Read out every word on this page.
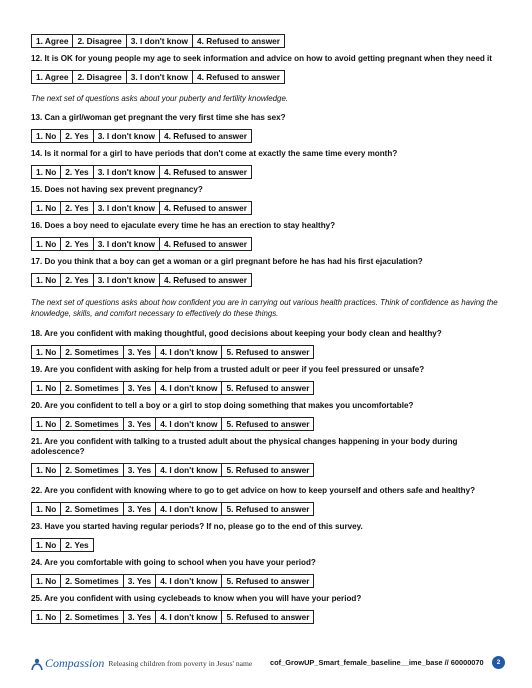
1. Agree	2. Disagree	3. I don't know	4. Refused to answer

12. It is OK for young people my age to seek information and advice on how to avoid getting pregnant when they need it

1. Agree	2. Disagree	3. I don't know	4. Refused to answer

The next set of questions asks about your puberty and fertility knowledge.

13. Can a girl/woman get pregnant the very first time she has sex?

1. No	2. Yes	3. I don't know	4. Refused to answer

14. Is it normal for a girl to have periods that don't come at exactly the same time every month?

1. No	2. Yes	3. I don't know	4. Refused to answer

15. Does not having sex prevent pregnancy?

1. No	2. Yes	3. I don't know	4. Refused to answer

16. Does a boy need to ejaculate every time he has an erection to stay healthy?

1. No	2. Yes	3. I don't know	4. Refused to answer

17. Do you think that a boy can get a woman or a girl pregnant before he has had his first ejaculation?

1. No	2. Yes	3. I don't know	4. Refused to answer

The next set of questions asks about how confident you are in carrying out various health practices. Think of confidence as having the knowledge, skills, and comfort necessary to effectively do these things.

18. Are you confident with making thoughtful, good decisions about keeping your body clean and healthy?

1. No	2. Sometimes	3. Yes	4. I don't know	5. Refused to answer

19. Are you confident with asking for help from a trusted adult or peer if you feel pressured or unsafe?

1. No	2. Sometimes	3. Yes	4. I don't know	5. Refused to answer

20. Are you confident to tell a boy or a girl to stop doing something that makes you uncomfortable?

1. No	2. Sometimes	3. Yes	4. I don't know	5. Refused to answer

21. Are you confident with talking to a trusted adult about the physical changes happening in your body during adolescence?

1. No	2. Sometimes	3. Yes	4. I don't know	5. Refused to answer

22. Are you confident with knowing where to go to get advice on how to keep yourself and others safe and healthy?

1. No	2. Sometimes	3. Yes	4. I don't know	5. Refused to answer

23. Have you started having regular periods? If no, please go to the end of this survey.

1. No	2. Yes

24. Are you comfortable with going to school when you have your period?

1. No	2. Sometimes	3. Yes	4. I don't know	5. Refused to answer

25. Are you confident with using cyclebeads to know when you will have your period?

1. No	2. Sometimes	3. Yes	4. I don't know	5. Refused to answer
Compassion Releasing children from poverty in Jesus' name cof_GrowUP_Smart_female_baseline__ime_base // 60000070	2
